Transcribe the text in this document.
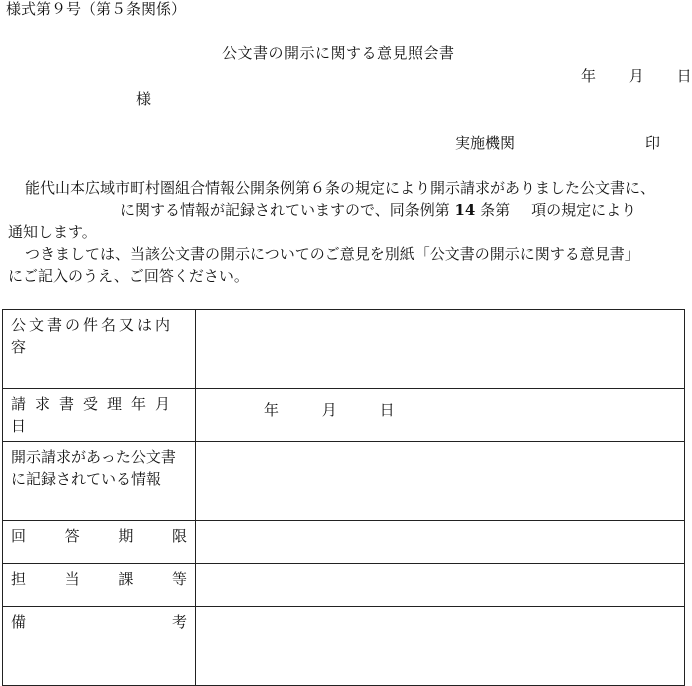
様式第９号（第５条関係）
公文書の開示に関する意見照会書
年 月 日
様
実施機関	印
能代山本広域市町村圏組合情報公開条例第６条の規定により開示請求がありました公文書に、
に関する情報が記録されていますので、同条例第 14 条第 項の規定により
通知します。
つきましては、当該公文書の開示についてのご意見を別紙「公文書の開示に関する意見書」
にご記入のうえ、ご回答ください。
公文書の件名又は内容	

請求書受理年月日	年 月 日

開示請求があった公文書
に記録されている情報	

回 答 期 限	

担 当 課 等	

備 考	
